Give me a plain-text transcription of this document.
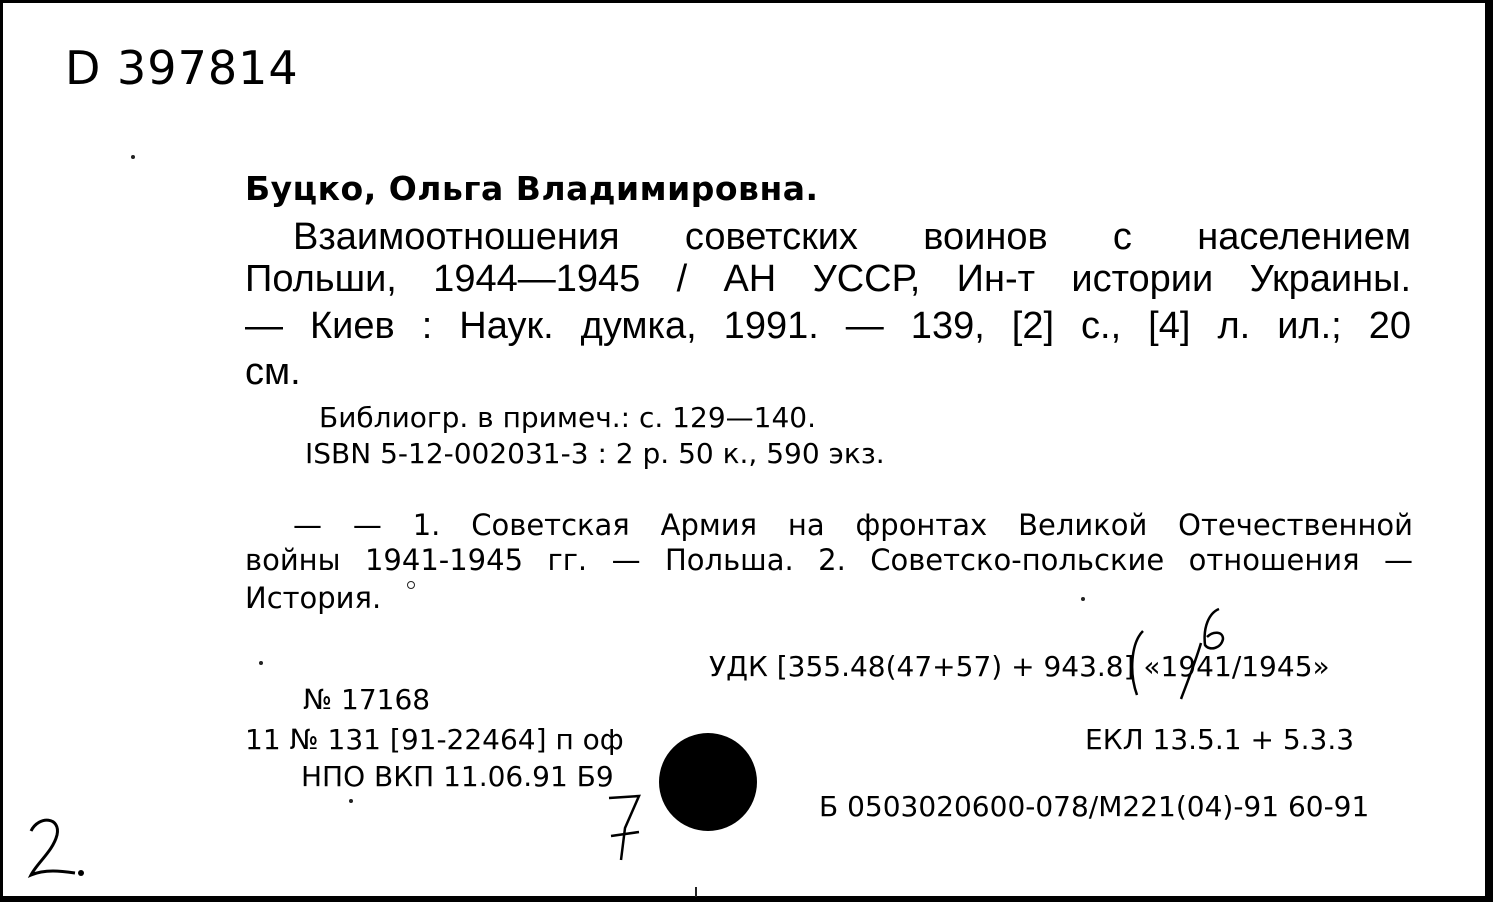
D 397814
Буцко, Ольга Владимировна.
Взаимоотношения советских воинов с населением
Польши, 1944—1945 / АН УССР, Ин-т истории Украины.
— Киев : Наук. думка, 1991. — 139, [2] с., [4] л. ил.; 20
см.
Библиогр. в примеч.: с. 129—140.
ISBN 5-12-002031-3 : 2 р. 50 к., 590 экз.
— — 1. Советская Армия на фронтах Великой Отечественной
войны 1941-1945 гг. — Польша. 2. Советско-польские отношения —
История.
УДК [355.48(47+57) + 943.8] «1941/1945»
№ 17168
11 № 131 [91-22464] п оф
НПО ВКП 11.06.91 Б9
ЕКЛ 13.5.1 + 5.3.3
Б 0503020600-078/М221(04)-91 60-91
